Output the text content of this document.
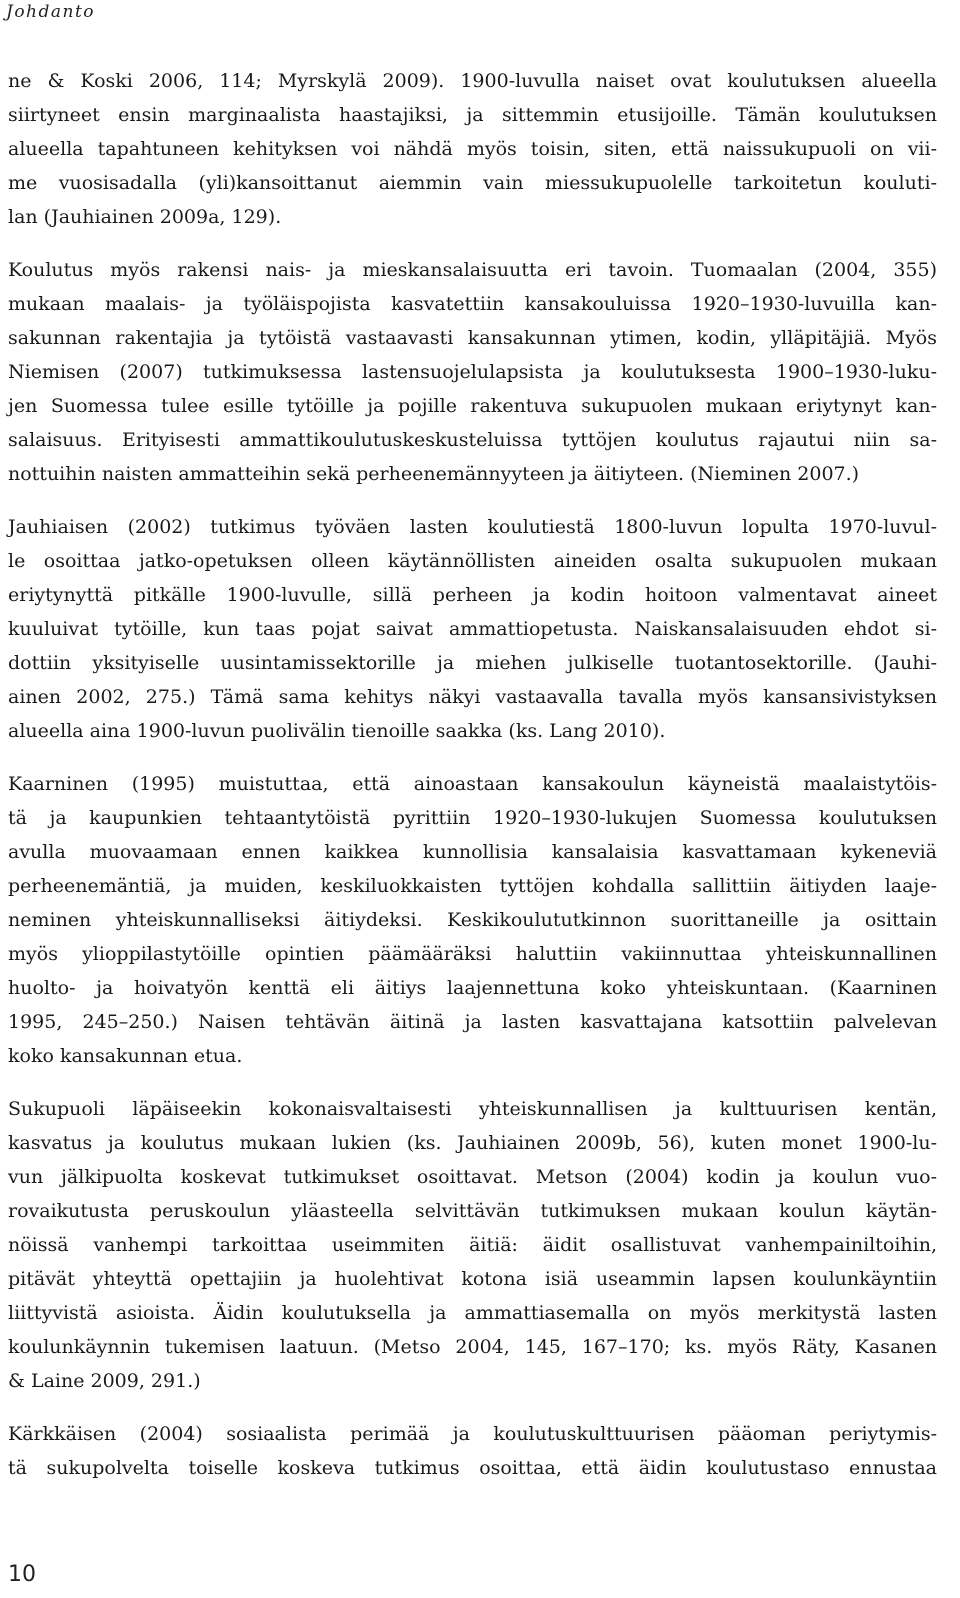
Johdanto

ne & Koski 2006, 114; Myrskylä 2009). 1900-luvulla naiset ovat koulutuksen alueella
siirtyneet ensin marginaalista haastajiksi, ja sittemmin etusijoille. Tämän koulutuksen
alueella tapahtuneen kehityksen voi nähdä myös toisin, siten, että naissukupuoli on vii-
me vuosisadalla (yli)kansoittanut aiemmin vain miessukupuolelle tarkoitetun kouluti-
lan (Jauhiainen 2009a, 129).

Koulutus myös rakensi nais- ja mieskansalaisuutta eri tavoin. Tuomaalan (2004, 355)
mukaan maalais- ja työläispojista kasvatettiin kansakouluissa 1920–1930-luvuilla kan-
sakunnan rakentajia ja tytöistä vastaavasti kansakunnan ytimen, kodin, ylläpitäjiä. Myös
Niemisen (2007) tutkimuksessa lastensuojelulapsista ja koulutuksesta 1900–1930-luku-
jen Suomessa tulee esille tytöille ja pojille rakentuva sukupuolen mukaan eriytynyt kan-
salaisuus. Erityisesti ammattikoulutuskeskusteluissa tyttöjen koulutus rajautui niin sa-
nottuihin naisten ammatteihin sekä perheenemännyyteen ja äitiyteen. (Nieminen 2007.)

Jauhiaisen (2002) tutkimus työväen lasten koulutiestä 1800-luvun lopulta 1970-luvul-
le osoittaa jatko-opetuksen olleen käytännöllisten aineiden osalta sukupuolen mukaan
eriytynyttä pitkälle 1900-luvulle, sillä perheen ja kodin hoitoon valmentavat aineet
kuuluivat tytöille, kun taas pojat saivat ammattiopetusta. Naiskansalaisuuden ehdot si-
dottiin yksityiselle uusintamissektorille ja miehen julkiselle tuotantosektorille. (Jauhi-
ainen 2002, 275.) Tämä sama kehitys näkyi vastaavalla tavalla myös kansansivistyksen
alueella aina 1900-luvun puolivälin tienoille saakka (ks. Lang 2010).

Kaarninen (1995) muistuttaa, että ainoastaan kansakoulun käyneistä maalaistytöis-
tä ja kaupunkien tehtaantytöistä pyrittiin 1920–1930-lukujen Suomessa koulutuksen
avulla muovaamaan ennen kaikkea kunnollisia kansalaisia kasvattamaan kykeneviä
perheenemäntiä, ja muiden, keskiluokkaisten tyttöjen kohdalla sallittiin äitiyden laaje-
neminen yhteiskunnalliseksi äitiydeksi. Keskikoulututkinnon suorittaneille ja osittain
myös ylioppilastytöille opintien päämääräksi haluttiin vakiinnuttaa yhteiskunnallinen
huolto- ja hoivatyön kenttä eli äitiys laajennettuna koko yhteiskuntaan. (Kaarninen
1995, 245–250.) Naisen tehtävän äitinä ja lasten kasvattajana katsottiin palvelevan
koko kansakunnan etua.

Sukupuoli läpäiseekin kokonaisvaltaisesti yhteiskunnallisen ja kulttuurisen kentän,
kasvatus ja koulutus mukaan lukien (ks. Jauhiainen 2009b, 56), kuten monet 1900-lu-
vun jälkipuolta koskevat tutkimukset osoittavat. Metson (2004) kodin ja koulun vuo-
rovaikutusta peruskoulun yläasteella selvittävän tutkimuksen mukaan koulun käytän-
nöissä vanhempi tarkoittaa useimmiten äitiä: äidit osallistuvat vanhempainiltoihin,
pitävät yhteyttä opettajiin ja huolehtivat kotona isiä useammin lapsen koulunkäyntiin
liittyvistä asioista. Äidin koulutuksella ja ammattiasemalla on myös merkitystä lasten
koulunkäynnin tukemisen laatuun. (Metso 2004, 145, 167–170; ks. myös Räty, Kasanen
& Laine 2009, 291.)

Kärkkäisen (2004) sosiaalista perimää ja koulutuskulttuurisen pääoman periytymis-
tä sukupolvelta toiselle koskeva tutkimus osoittaa, että äidin koulutustaso ennustaa

10
